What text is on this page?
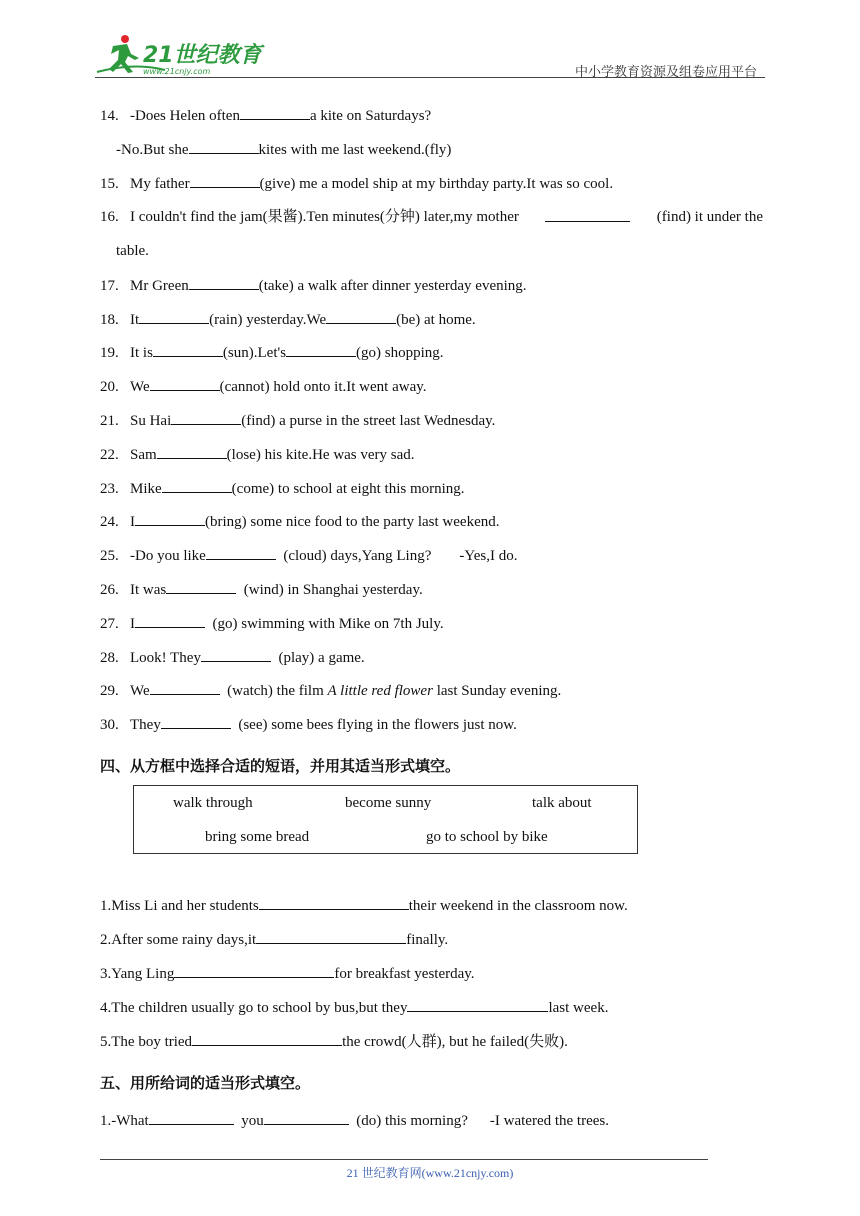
21世纪教育
www.21cnjy.com	中小学教育资源及组卷应用平台
14. -Does Helen often	a kite on Saturdays?
-No.But she	kites with me last weekend.(fly)
15. My father	(give) me a model ship at my birthday party.It was so cool.
16. I couldn't find the jam(果酱).Ten minutes(分钟) later,my mother	(find) it under the
table.
17. Mr Green	(take) a walk after dinner yesterday evening.
18. It	(rain) yesterday.We	(be) at home.
19. It is	(sun).Let's	(go) shopping.
20. We	(cannot) hold onto it.It went away.
21. Su Hai	(find) a purse in the street last Wednesday.
22. Sam	(lose) his kite.He was very sad.
23. Mike	(come) to school at eight this morning.
24. I	(bring) some nice food to the party last weekend.
25. -Do you like	(cloud) days,Yang Ling? -Yes,I do.
26. It was	(wind) in Shanghai yesterday.
27. I	(go) swimming with Mike on 7th July.
28. Look! They	(play) a game.
29. We	(watch) the film A little red flower last Sunday evening.
30. They	(see) some bees flying in the flowers just now.
四、从方框中选择合适的短语，并用其适当形式填空。
walk through	become sunny	talk about
bring some bread	go to school by bike
1.Miss Li and her students	their weekend in the classroom now.
2.After some rainy days,it	finally.
3.Yang Ling	for breakfast yesterday.
4.The children usually go to school by bus,but they	last week.
5.The boy tried	the crowd(人群), but he failed(失败).
五、用所给词的适当形式填空。
1.-What	you	(do) this morning? -I watered the trees.
21 世纪教育网(www.21cnjy.com)
